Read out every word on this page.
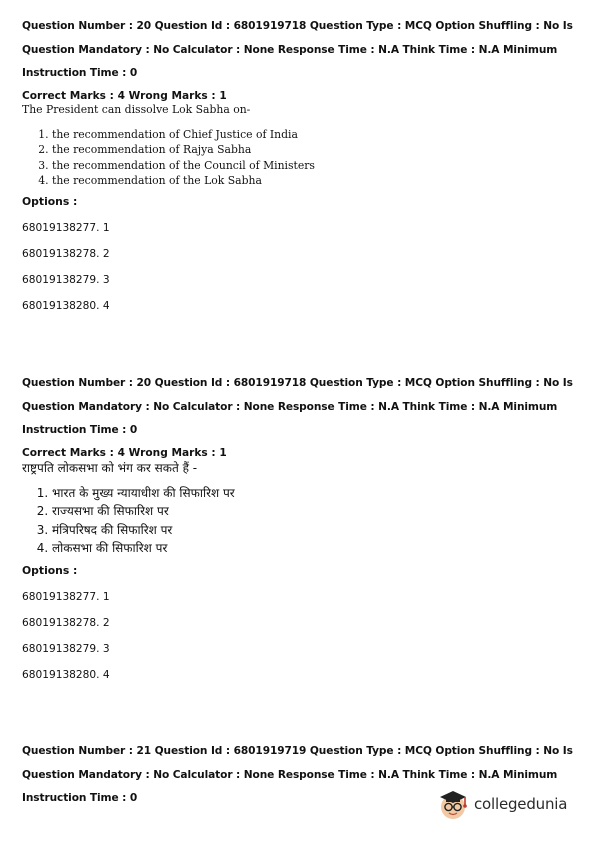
Question Number : 20 Question Id : 6801919718 Question Type : MCQ Option Shuffling : No Is
Question Mandatory : No Calculator : None Response Time : N.A Think Time : N.A Minimum
Instruction Time : 0
Correct Marks : 4 Wrong Marks : 1
The President can dissolve Lok Sabha on-
1. the recommendation of Chief Justice of India
2. the recommendation of Rajya Sabha
3. the recommendation of the Council of Ministers
4. the recommendation of the Lok Sabha
Options :
68019138277. 1
68019138278. 2
68019138279. 3
68019138280. 4
Question Number : 20 Question Id : 6801919718 Question Type : MCQ Option Shuffling : No Is
Question Mandatory : No Calculator : None Response Time : N.A Think Time : N.A Minimum
Instruction Time : 0
Correct Marks : 4 Wrong Marks : 1
राष्ट्रपति लोकसभा को भंग कर सकते हैं -
1. भारत के मुख्य न्यायाधीश की सिफारिश पर
2. राज्यसभा की सिफारिश पर
3. मंत्रिपरिषद की सिफारिश पर
4. लोकसभा की सिफारिश पर
Options :
68019138277. 1
68019138278. 2
68019138279. 3
68019138280. 4
Question Number : 21 Question Id : 6801919719 Question Type : MCQ Option Shuffling : No Is
Question Mandatory : No Calculator : None Response Time : N.A Think Time : N.A Minimum
Instruction Time : 0	collegedunia
